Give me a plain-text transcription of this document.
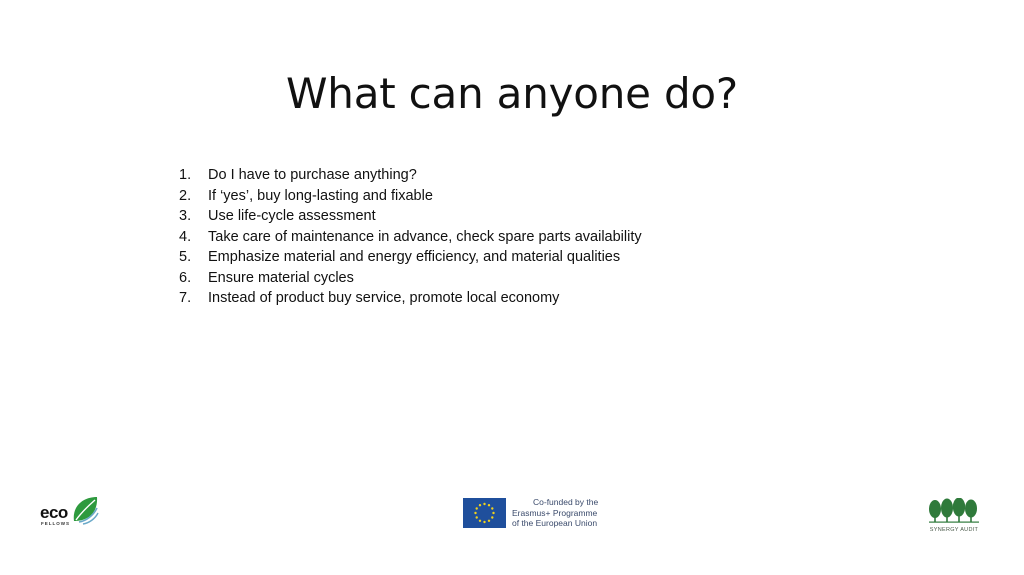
What can anyone do?
1.	Do I have to purchase anything?
2.	If ‘yes’, buy long-lasting and fixable
3.	Use life-cycle assessment
4.	Take care of maintenance in advance, check spare parts availability
5.	Emphasize material and energy efficiency, and material qualities
6.	Ensure material cycles
7.	Instead of product buy service, promote local economy
eco
FELLOWS
Co-funded by the
Erasmus+ Programme
of the European Union
SYNERGY AUDIT
